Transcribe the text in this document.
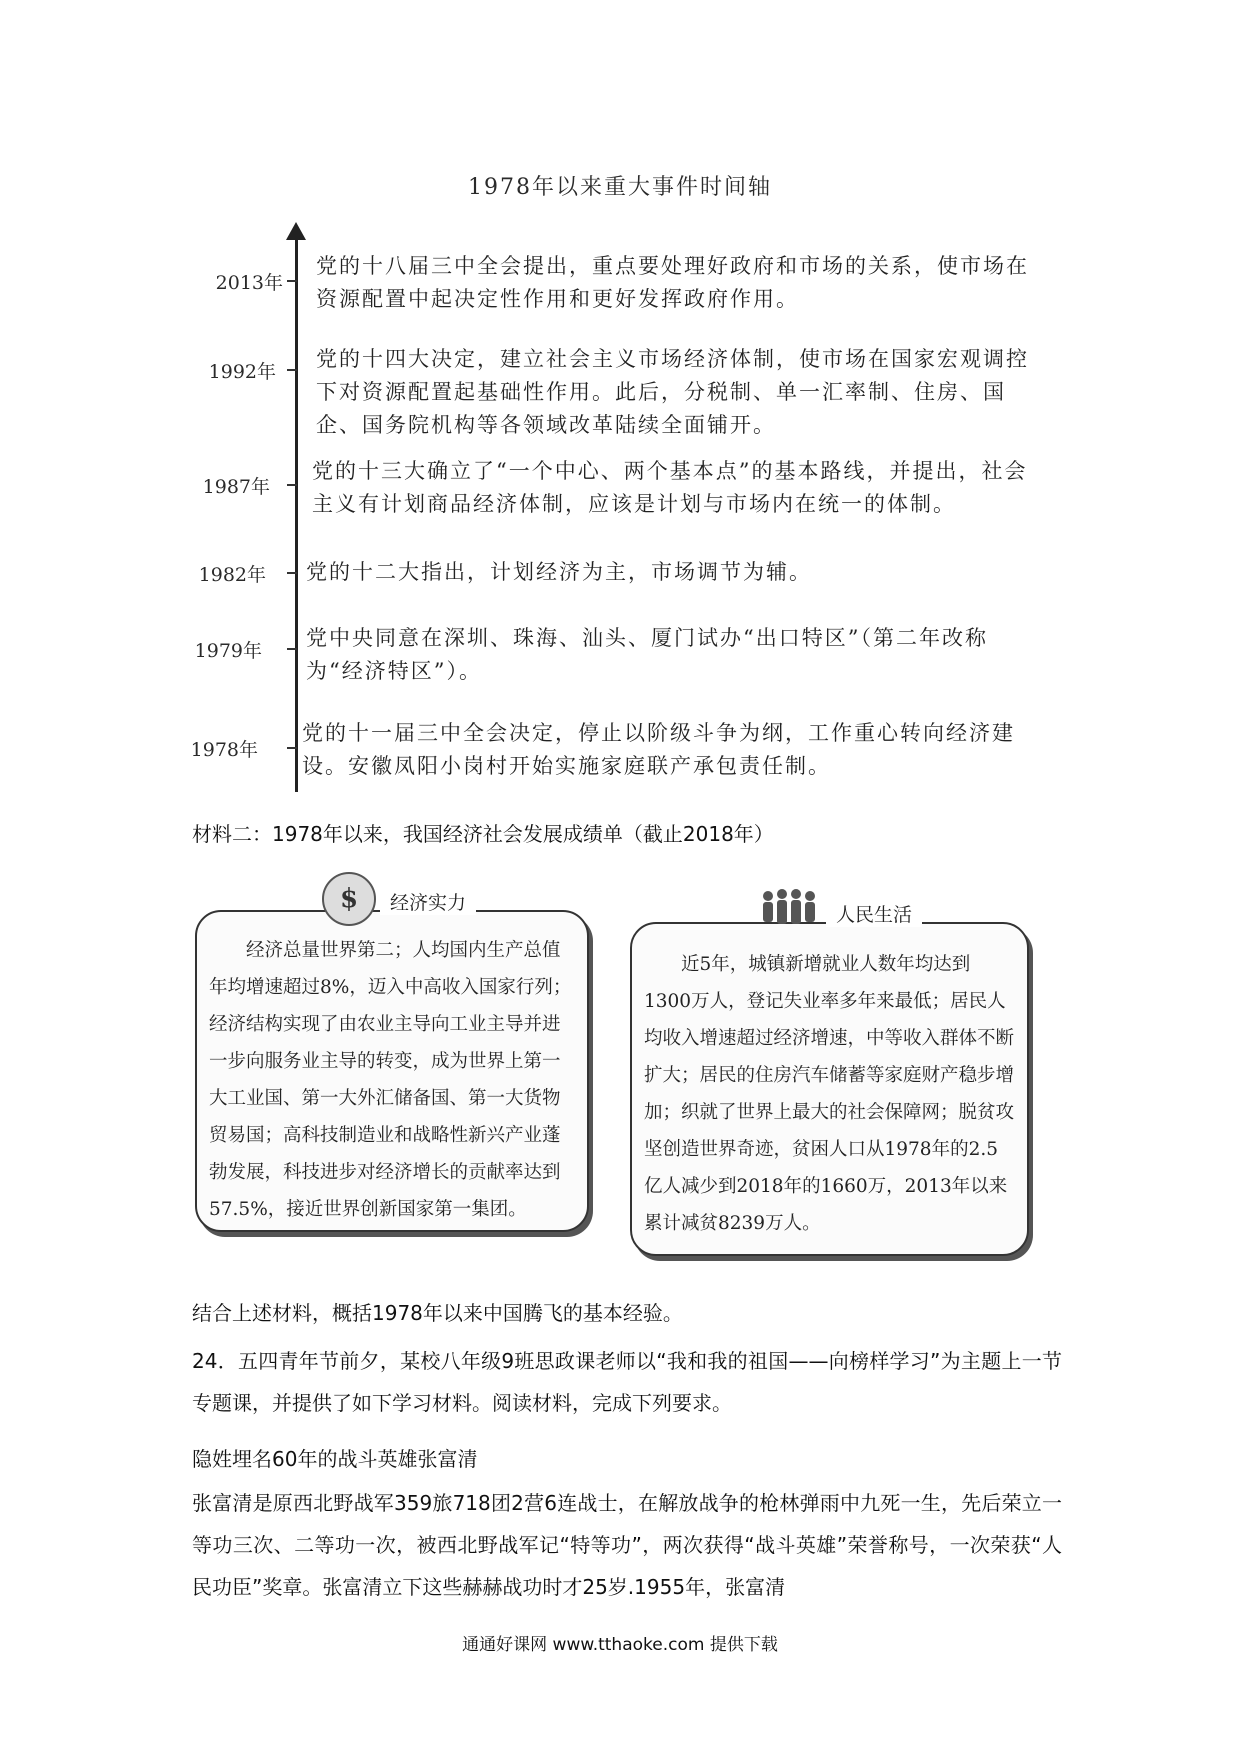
1978年以来重大事件时间轴
2013年
党的十八届三中全会提出，重点要处理好政府和市场的关系，使市场在资源配置中起决定性作用和更好发挥政府作用。
1992年
党的十四大决定，建立社会主义市场经济体制，使市场在国家宏观调控下对资源配置起基础性作用。此后，分税制、单一汇率制、住房、国企、国务院机构等各领域改革陆续全面铺开。
1987年
党的十三大确立了“一个中心、两个基本点”的基本路线，并提出，社会主义有计划商品经济体制，应该是计划与市场内在统一的体制。
1982年 党的十二大指出，计划经济为主，市场调节为辅。
1979年
党中央同意在深圳、珠海、汕头、厦门试办“出口特区”（第二年改称为“经济特区”）。
1978年
党的十一届三中全会决定，停止以阶级斗争为纲，工作重心转向经济建设。安徽凤阳小岗村开始实施家庭联产承包责任制。
材料二：1978年以来，我国经济社会发展成绩单（截止2018年）
经济总量世界第二；人均国内生产总值年均增速超过8%，迈入中高收入国家行列；经济结构实现了由农业主导向工业主导并进一步向服务业主导的转变，成为世界上第一大工业国、第一大外汇储备国、第一大货物贸易国；高科技制造业和战略性新兴产业蓬勃发展，科技进步对经济增长的贡献率达到57.5%，接近世界创新国家第一集团。
$	经济实力
近5年，城镇新增就业人数年均达到1300万人，登记失业率多年来最低；居民人均收入增速超过经济增速，中等收入群体不断扩大；居民的住房汽车储蓄等家庭财产稳步增加；织就了世界上最大的社会保障网；脱贫攻坚创造世界奇迹，贫困人口从1978年的2.5亿人减少到2018年的1660万，2013年以来累计减贫8239万人。
人民生活
结合上述材料，概括1978年以来中国腾飞的基本经验。
24．五四青年节前夕，某校八年级9班思政课老师以“我和我的祖国——向榜样学习”为主题上一节专题课，并提供了如下学习材料。阅读材料，完成下列要求。
隐姓埋名60年的战斗英雄张富清
张富清是原西北野战军359旅718团2营6连战士，在解放战争的枪林弹雨中九死一生，先后荣立一等功三次、二等功一次，被西北野战军记“特等功”，两次获得“战斗英雄”荣誉称号，一次荣获“人民功臣”奖章。张富清立下这些赫赫战功时才25岁.1955年，张富清
通通好课网 www.tthaoke.com 提供下载
